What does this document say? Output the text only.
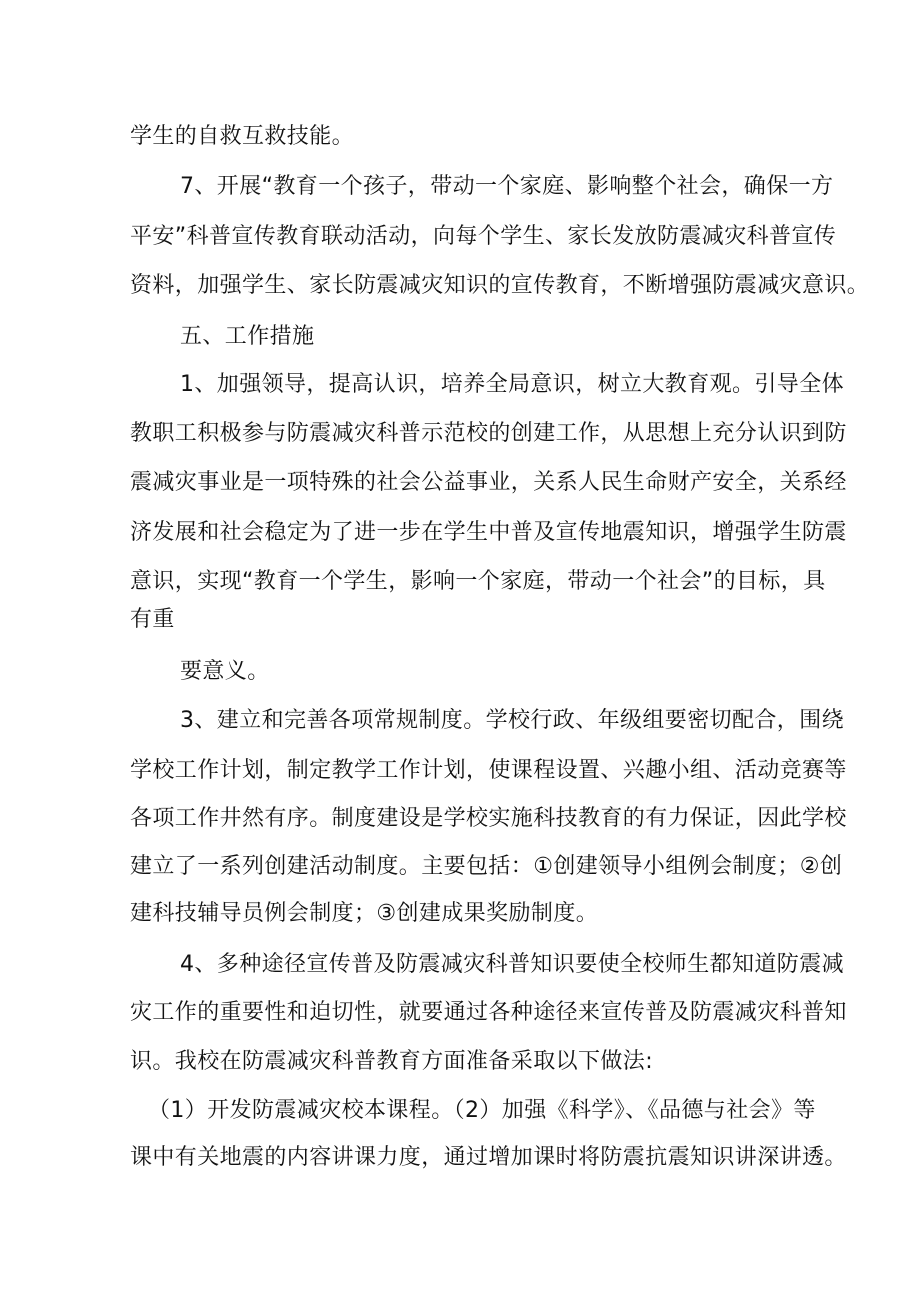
学生的自救互救技能。
7、开展“教育一个孩子，带动一个家庭、影响整个社会，确保一方
平安”科普宣传教育联动活动，向每个学生、家长发放防震减灾科普宣传
资料，加强学生、家长防震减灾知识的宣传教育，不断增强防震减灾意识。
五、工作措施
1、加强领导，提高认识，培养全局意识，树立大教育观。引导全体
教职工积极参与防震减灾科普示范校的创建工作，从思想上充分认识到防
震减灾事业是一项特殊的社会公益事业，关系人民生命财产安全，关系经
济发展和社会稳定为了进一步在学生中普及宣传地震知识，增强学生防震
意识，实现“教育一个学生，影响一个家庭，带动一个社会”的目标，具
有重
要意义。
3、建立和完善各项常规制度。学校行政、年级组要密切配合，围绕
学校工作计划，制定教学工作计划，使课程设置、兴趣小组、活动竞赛等
各项工作井然有序。制度建设是学校实施科技教育的有力保证，因此学校
建立了一系列创建活动制度。主要包括：①创建领导小组例会制度；②创
建科技辅导员例会制度；③创建成果奖励制度。
4、多种途径宣传普及防震减灾科普知识要使全校师生都知道防震减
灾工作的重要性和迫切性，就要通过各种途径来宣传普及防震减灾科普知
识。我校在防震减灾科普教育方面准备采取以下做法:
（1）开发防震减灾校本课程。（2）加强《科学》、《品德与社会》等
课中有关地震的内容讲课力度，通过增加课时将防震抗震知识讲深讲透。
